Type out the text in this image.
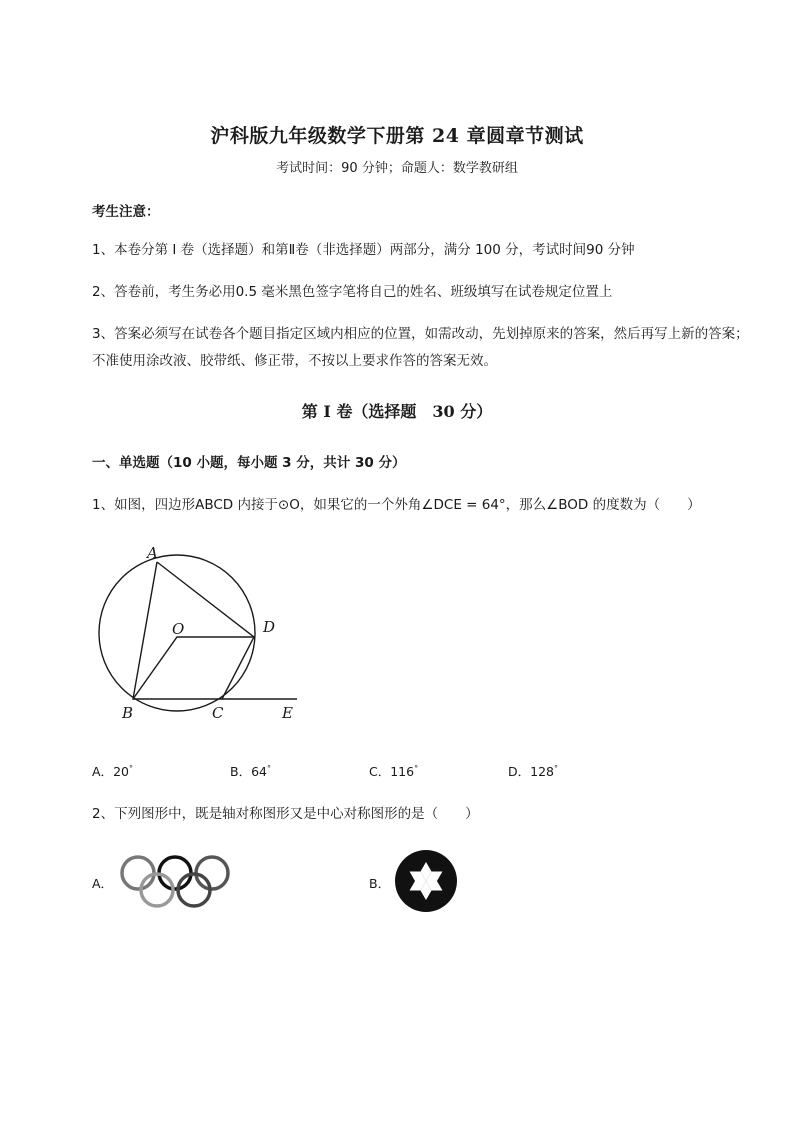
沪科版九年级数学下册第 24 章圆章节测试
考试时间：90 分钟；命题人：数学教研组
考生注意：
1、本卷分第 I 卷（选择题）和第Ⅱ卷（非选择题）两部分，满分 100 分，考试时间90 分钟
2、答卷前，考生务必用0.5 毫米黑色签字笔将自己的姓名、班级填写在试卷规定位置上
3、答案必须写在试卷各个题目指定区域内相应的位置，如需改动，先划掉原来的答案，然后再写上新的答案；不准使用涂改液、胶带纸、修正带，不按以上要求作答的答案无效。
第 I 卷（选择题　30 分）
一、单选题（10 小题，每小题 3 分，共计 30 分）
1、如图，四边形ABCD 内接于⊙O，如果它的一个外角∠DCE = 64°，那么∠BOD 的度数为（　　）
A
O	D
B	C	E
A．20°	B．64°	C．116°	D．128°
2、下列图形中，既是轴对称图形又是中心对称图形的是（　　）
A．	B．
